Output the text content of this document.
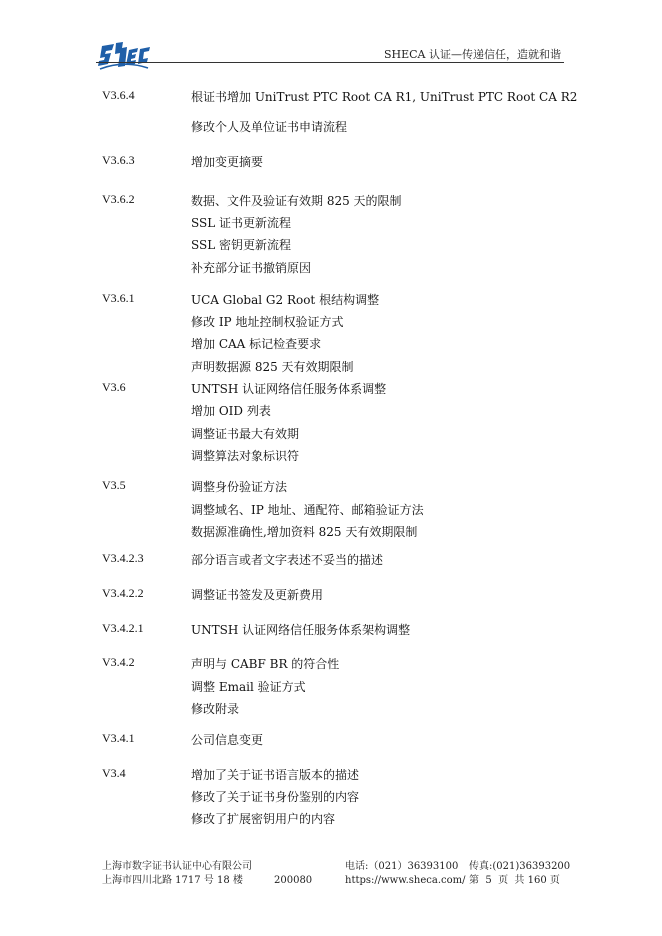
SHECA 认证—传递信任，造就和谐
V3.6.4	根证书增加 UniTrust PTC Root CA R1, UniTrust PTC Root CA R2
修改个人及单位证书申请流程
V3.6.3	增加变更摘要
V3.6.2	数据、文件及验证有效期 825 天的限制
SSL 证书更新流程
SSL 密钥更新流程
补充部分证书撤销原因
V3.6.1	UCA Global G2 Root 根结构调整
修改 IP 地址控制权验证方式
增加 CAA 标记检查要求
声明数据源 825 天有效期限制
V3.6	UNTSH 认证网络信任服务体系调整
增加 OID 列表
调整证书最大有效期
调整算法对象标识符
V3.5	调整身份验证方法
调整域名、IP 地址、通配符、邮箱验证方法
数据源准确性,增加资料 825 天有效期限制
V3.4.2.3	部分语言或者文字表述不妥当的描述
V3.4.2.2	调整证书签发及更新费用
V3.4.2.1	UNTSH 认证网络信任服务体系架构调整
V3.4.2	声明与 CABF BR 的符合性
调整 Email 验证方式
修改附录
V3.4.1	公司信息变更
V3.4	增加了关于证书语言版本的描述
修改了关于证书身份鉴别的内容
修改了扩展密钥用户的内容
上海市数字证书认证中心有限公司
上海市四川北路 1717 号 18 楼	200080
电话:（021）36393100
https://www.sheca.com/
传真:(021)36393200
第  5  页  共 160 页
